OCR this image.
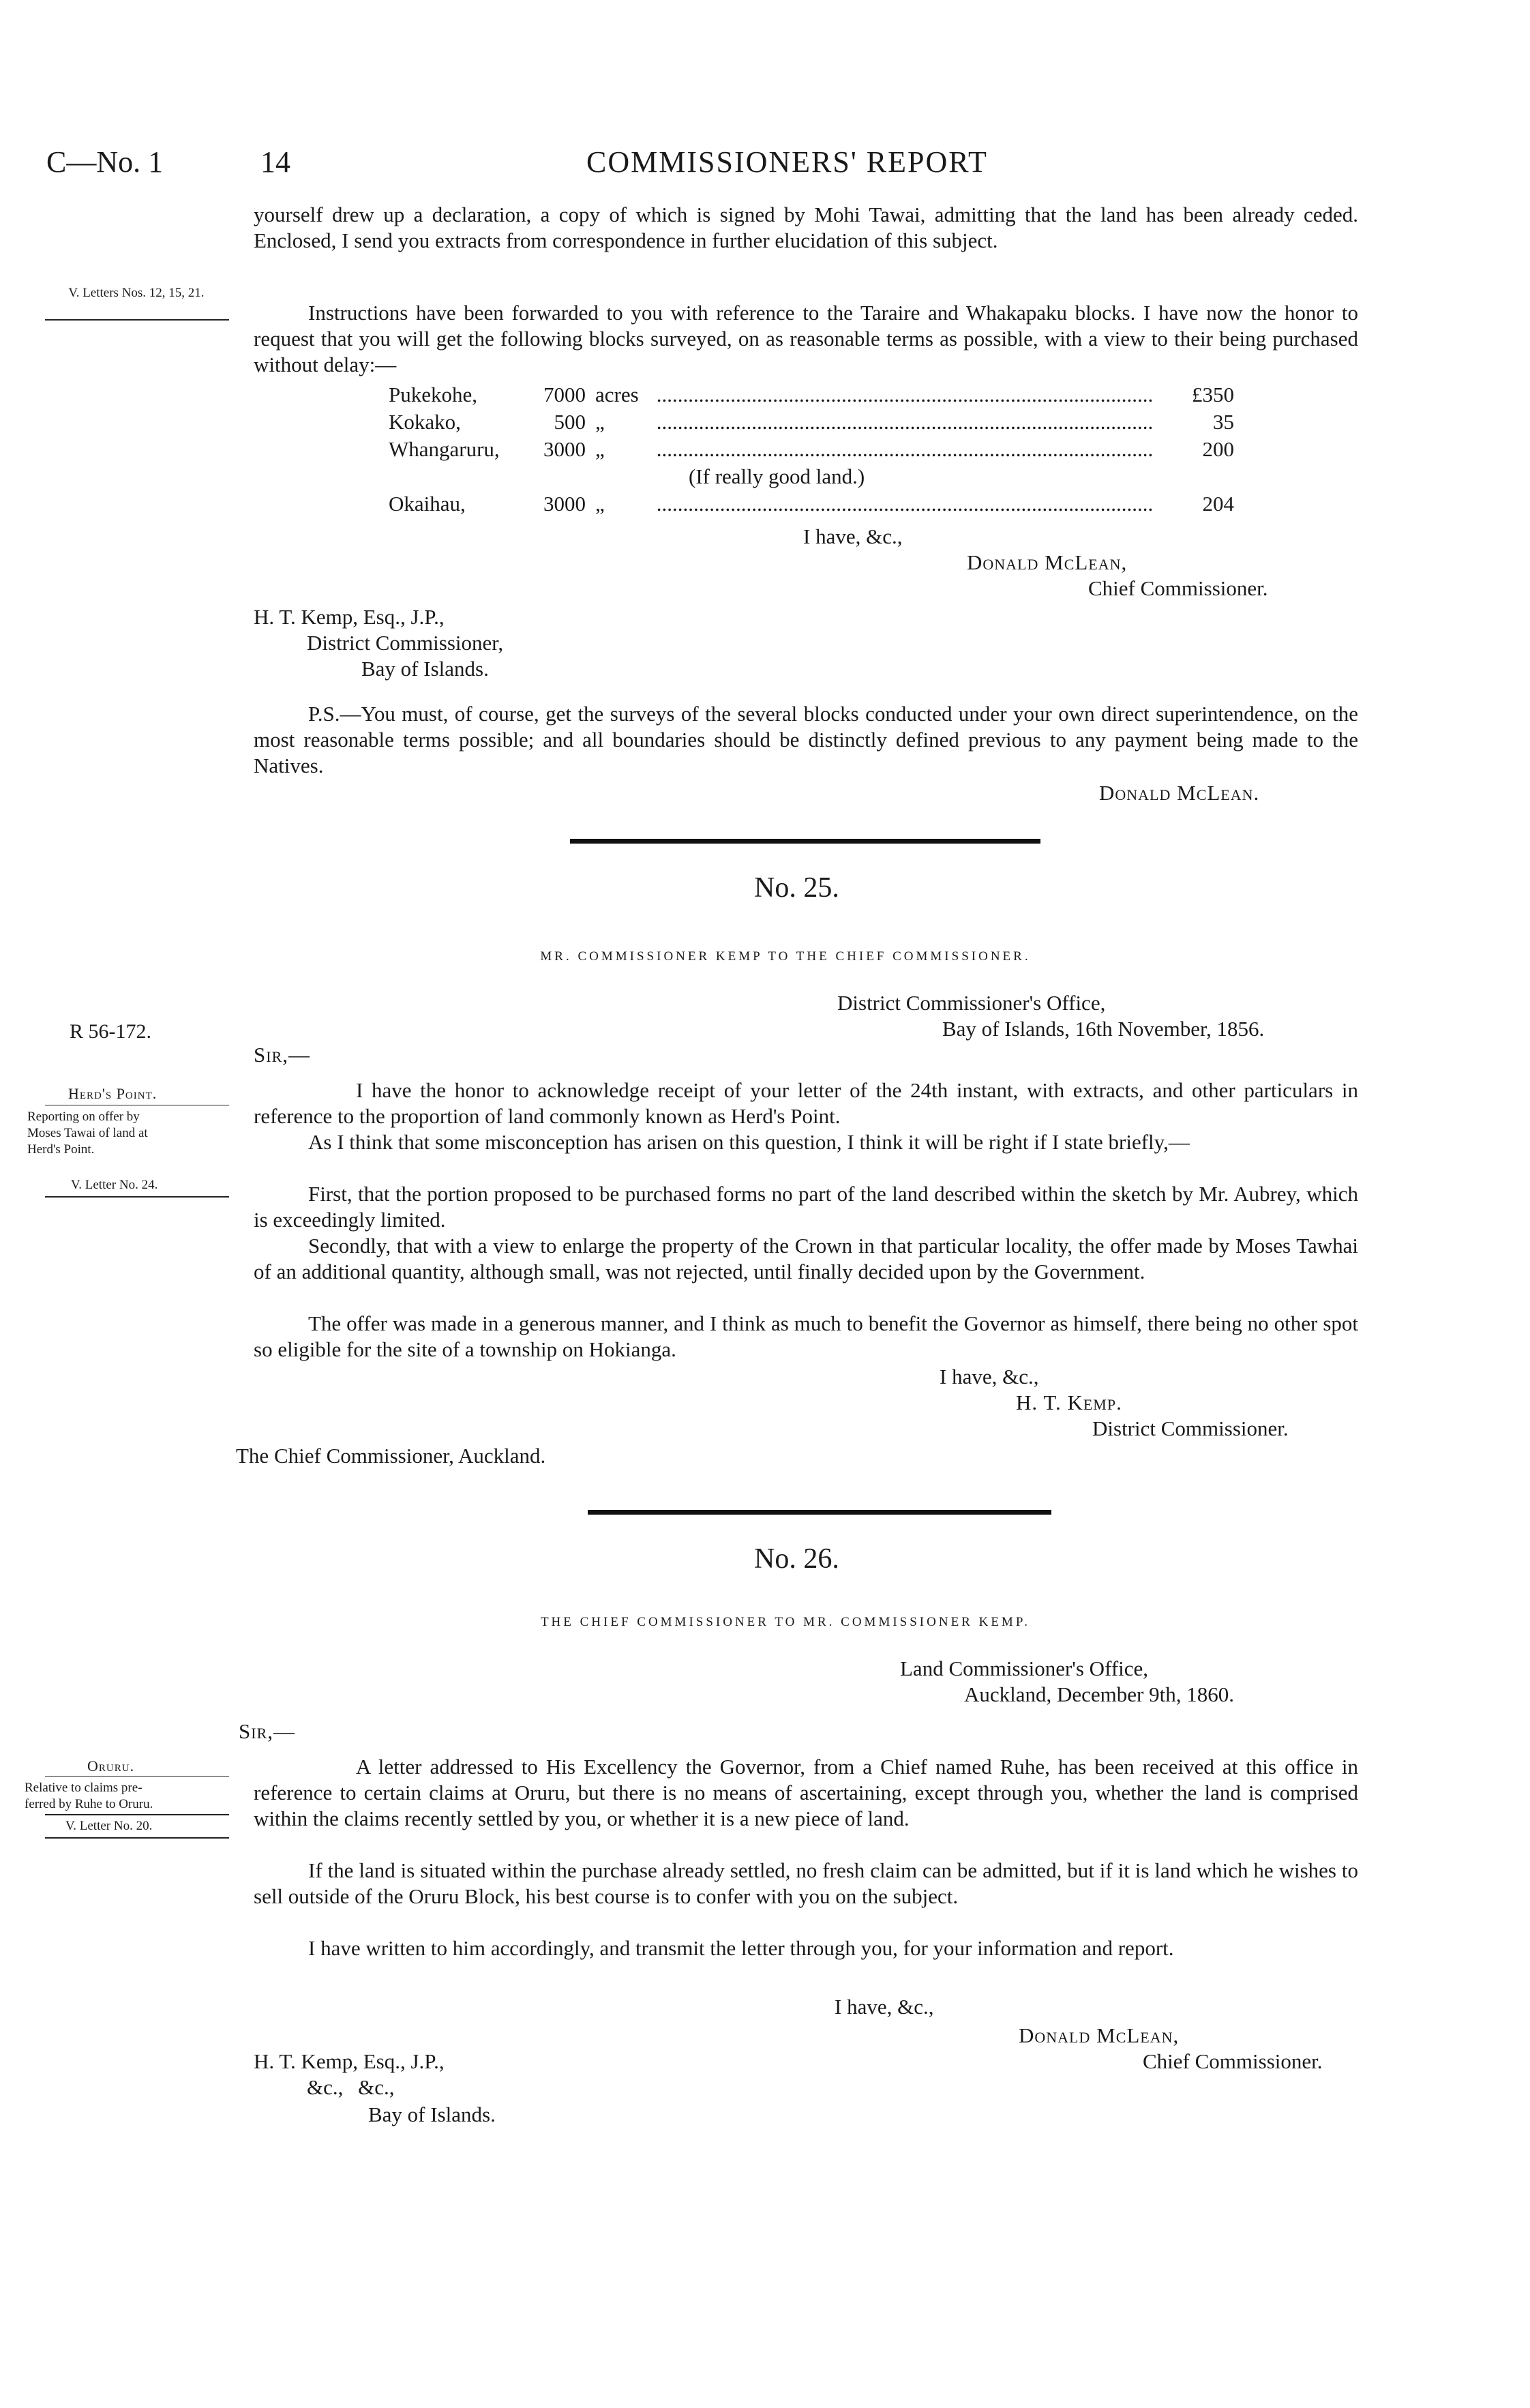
C—No. 1	14	COMMISSIONERS' REPORT
yourself drew up a declaration, a copy of which is signed by Mohi Tawai, admitting that the land has been already ceded. Enclosed, I send you extracts from correspondence in further elucidation of this subject.
V. Letters Nos. 12, 15, 21.
Instructions have been forwarded to you with reference to the Taraire and Whakapaku blocks. I have now the honor to request that you will get the following blocks surveyed, on as reasonable terms as possible, with a view to their being purchased without delay:—
Pukekohe,	7000 acres ..............................................................................................	£350
Kokako,	500 „	..............................................................................................	35
Whangaruru,	3000 „	..............................................................................................	200
(If really good land.)
Okaihau,	3000 „	..............................................................................................	204
I have, &c.,
Donald McLean,
Chief Commissioner.
H. T. Kemp, Esq., J.P.,
District Commissioner,
Bay of Islands.
P.S.—You must, of course, get the surveys of the several blocks conducted under your own direct superintendence, on the most reasonable terms possible; and all boundaries should be distinctly defined previous to any payment being made to the Natives.
Donald McLean.
No. 25.
MR. COMMISSIONER KEMP TO THE CHIEF COMMISSIONER.
District Commissioner's Office,
Bay of Islands, 16th November, 1856.
R 56-172.
Herd's Point.
Reporting on offer by
Moses Tawai of land at
Herd's Point.
V. Letter No. 24.
Sir,—
I have the honor to acknowledge receipt of your letter of the 24th instant, with extracts, and other particulars in reference to the proportion of land commonly known as Herd's Point.
As I think that some misconception has arisen on this question, I think it will be right if I state briefly,—
First, that the portion proposed to be purchased forms no part of the land described within the sketch by Mr. Aubrey, which is exceedingly limited.
Secondly, that with a view to enlarge the property of the Crown in that particular locality, the offer made by Moses Tawhai of an additional quantity, although small, was not rejected, until finally decided upon by the Government.
The offer was made in a generous manner, and I think as much to benefit the Governor as himself, there being no other spot so eligible for the site of a township on Hokianga.
I have, &c.,
H. T. Kemp.
District Commissioner.
The Chief Commissioner, Auckland.
No. 26.
THE CHIEF COMMISSIONER TO MR. COMMISSIONER KEMP.
Land Commissioner's Office,
Auckland, December 9th, 1860.
Sir,—
Oruru.
Relative to claims pre-
ferred by Ruhe to Oruru.
V. Letter No. 20.
A letter addressed to His Excellency the Governor, from a Chief named Ruhe, has been received at this office in reference to certain claims at Oruru, but there is no means of ascertaining, except through you, whether the land is comprised within the claims recently settled by you, or whether it is a new piece of land.
If the land is situated within the purchase already settled, no fresh claim can be admitted, but if it is land which he wishes to sell outside of the Oruru Block, his best course is to confer with you on the subject.
I have written to him accordingly, and transmit the letter through you, for your information and report.
I have, &c.,
Donald McLean,
Chief Commissioner.
H. T. Kemp, Esq., J.P.,
&c., &c.,
Bay of Islands.
